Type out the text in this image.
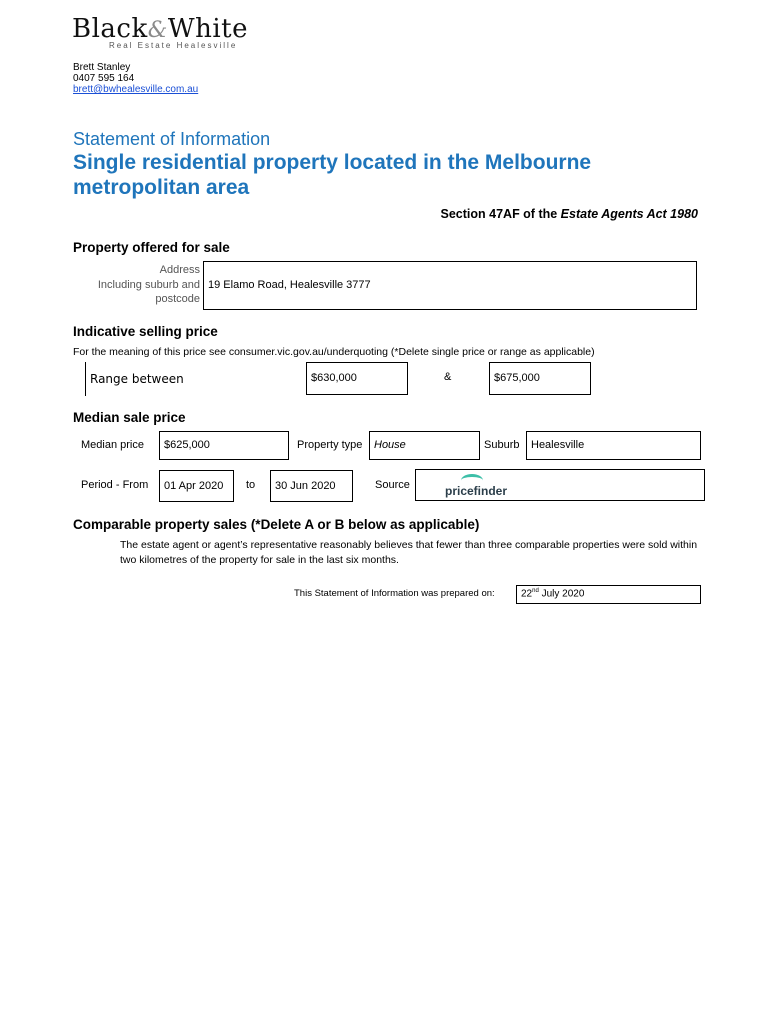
Black&White
Real Estate Healesville
Brett Stanley
0407 595 164
brett@bwhealesville.com.au
Statement of Information
Single residential property located in the Melbourne metropolitan area
Section 47AF of the Estate Agents Act 1980
Property offered for sale
Address
Including suburb and
postcode
19 Elamo Road, Healesville 3777
Indicative selling price
For the meaning of this price see consumer.vic.gov.au/underquoting (*Delete single price or range as applicable)
Range between	$630,000	&	$675,000
Median sale price
Median price $625,000	Property type House	Suburb Healesville
Period - From 01 Apr 2020 to 30 Jun 2020	Source	pricefinder
Comparable property sales (*Delete A or B below as applicable)
The estate agent or agent’s representative reasonably believes that fewer than three comparable properties were sold within two kilometres of the property for sale in the last six months.
This Statement of Information was prepared on:	22nd July 2020
